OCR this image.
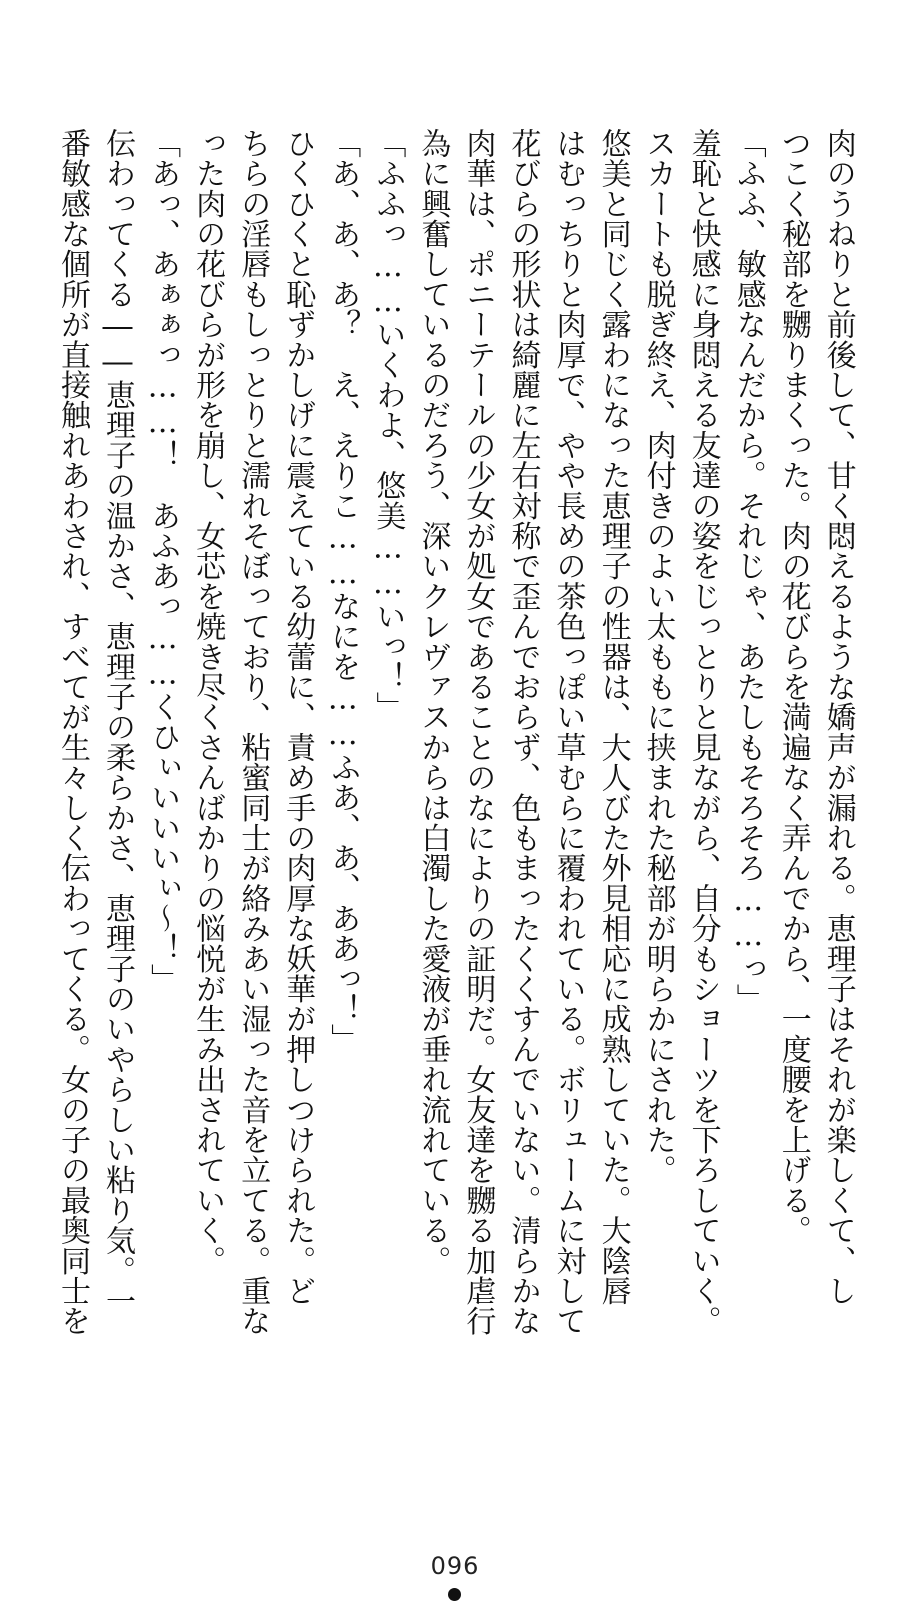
肉のうねりと前後して、甘く悶えるような嬌声が漏れる。恵理子はそれが楽しくて、し
つこく秘部を嬲りまくった。肉の花びらを満遍なく弄んでから、一度腰を上げる。
「ふふ、敏感なんだから。それじゃ、あたしもそろそろ……っ」
羞恥と快感に身悶える友達の姿をじっとりと見ながら、自分もショーツを下ろしていく。
スカートも脱ぎ終え、肉付きのよい太ももに挟まれた秘部が明らかにされた。
悠美と同じく露わになった恵理子の性器は、大人びた外見相応に成熟していた。大陰唇
はむっちりと肉厚で、やや長めの茶色っぽい草むらに覆われている。ボリュームに対して
花びらの形状は綺麗に左右対称で歪んでおらず、色もまったくくすんでいない。清らかな
肉華は、ポニーテールの少女が処女であることのなによりの証明だ。女友達を嬲る加虐行
為に興奮しているのだろう、深いクレヴァスからは白濁した愛液が垂れ流れている。
「ふふっ……いくわよ、悠美……いっ！」
「あ、あ、あ？　え、えりこ……なにを……ふあ、あ、ああっ！」
ひくひくと恥ずかしげに震えている幼蕾に、責め手の肉厚な妖華が押しつけられた。ど
ちらの淫唇もしっとりと濡れそぼっており、粘蜜同士が絡みあい湿った音を立てる。重な
った肉の花びらが形を崩し、女芯を焼き尽くさんばかりの悩悦が生み出されていく。
「あっ、あぁぁっ……！　あふあっ……くひぃいいいぃ～！」
伝わってくる――恵理子の温かさ、恵理子の柔らかさ、恵理子のいやらしい粘り気。一
番敏感な個所が直接触れあわされ、すべてが生々しく伝わってくる。女の子の最奥同士を
096
